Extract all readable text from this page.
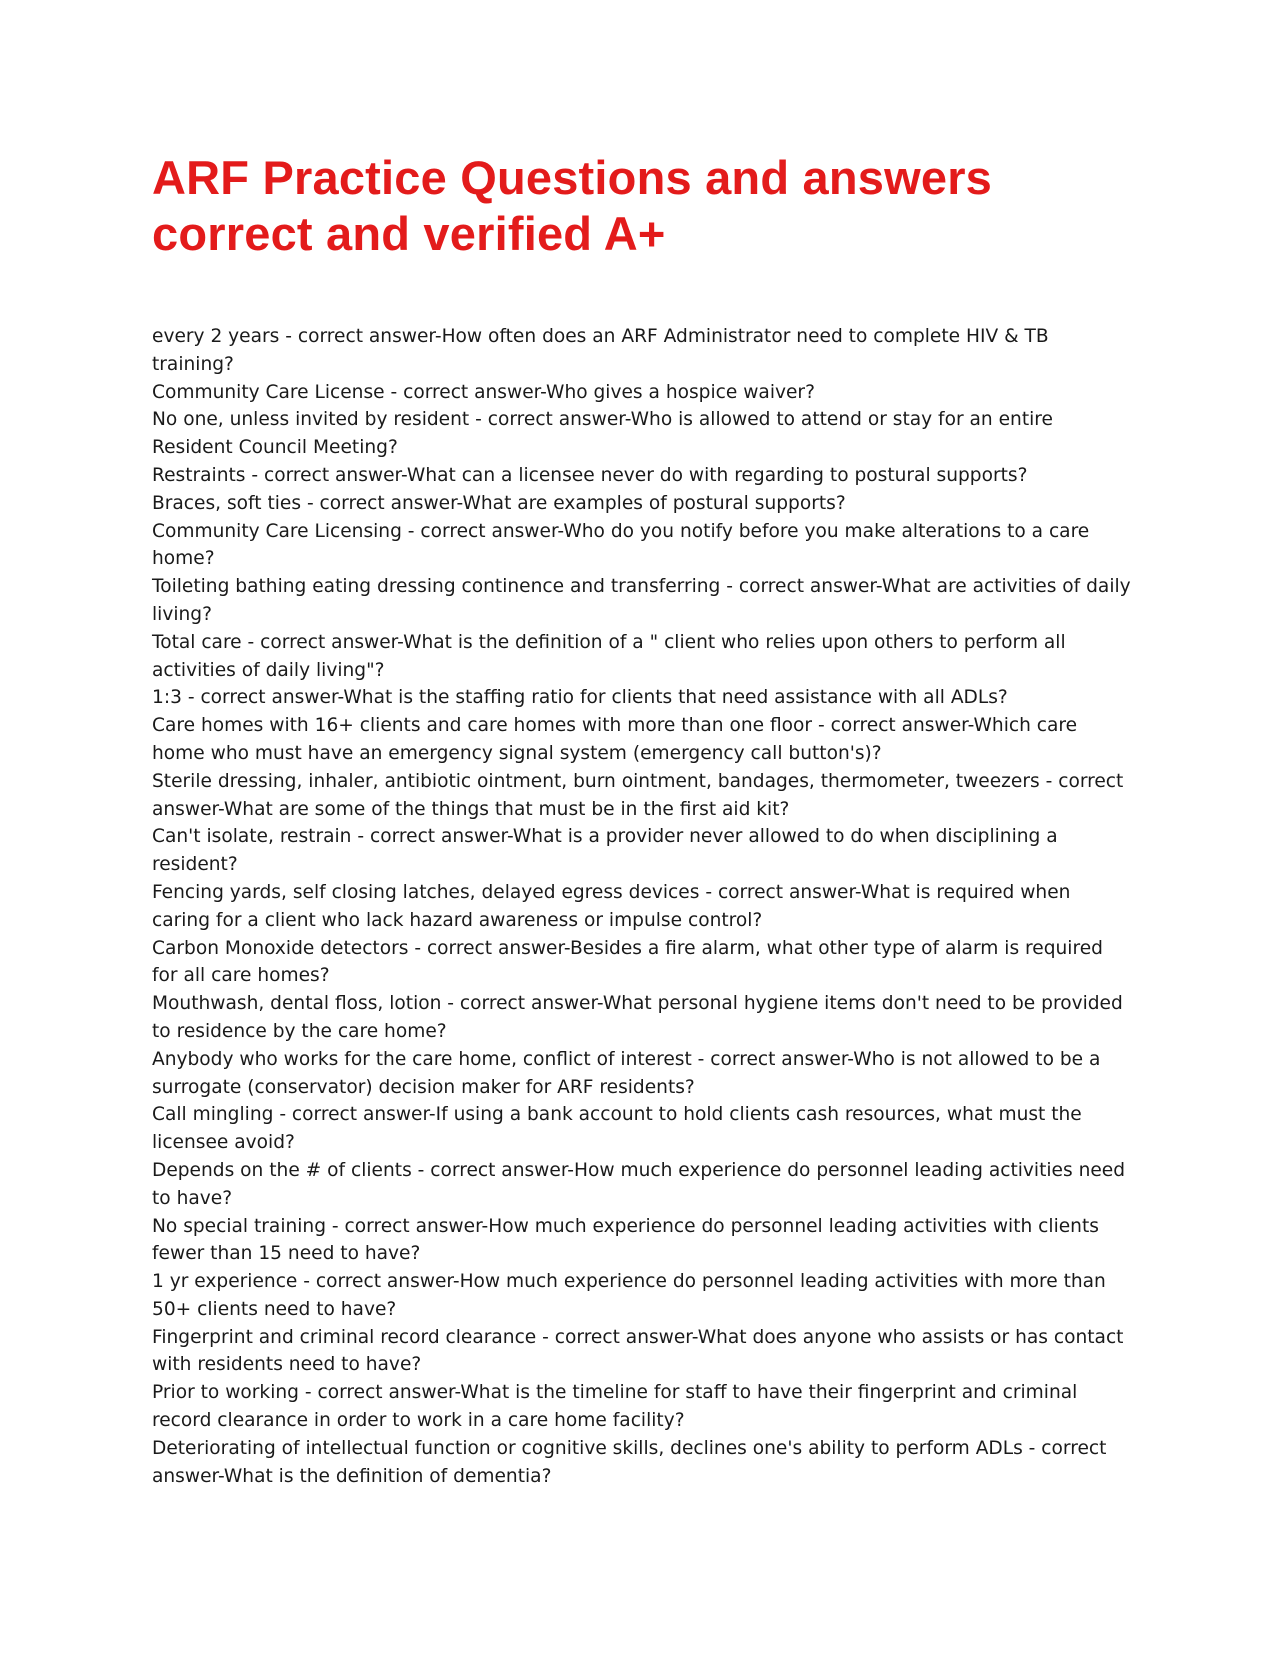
ARF Practice Questions and answers correct and verified A+
every 2 years - correct answer-How often does an ARF Administrator need to complete HIV & TB training?
Community Care License - correct answer-Who gives a hospice waiver?
No one, unless invited by resident - correct answer-Who is allowed to attend or stay for an entire Resident Council Meeting?
Restraints - correct answer-What can a licensee never do with regarding to postural supports?
Braces, soft ties - correct answer-What are examples of postural supports?
Community Care Licensing - correct answer-Who do you notify before you make alterations to a care home?
Toileting bathing eating dressing continence and transferring - correct answer-What are activities of daily living?
Total care - correct answer-What is the definition of a " client who relies upon others to perform all activities of daily living"?
1:3 - correct answer-What is the staffing ratio for clients that need assistance with all ADLs?
Care homes with 16+ clients and care homes with more than one floor - correct answer-Which care home who must have an emergency signal system (emergency call button's)?
Sterile dressing, inhaler, antibiotic ointment, burn ointment, bandages, thermometer, tweezers - correct answer-What are some of the things that must be in the first aid kit?
Can't isolate, restrain - correct answer-What is a provider never allowed to do when disciplining a resident?
Fencing yards, self closing latches, delayed egress devices - correct answer-What is required when caring for a client who lack hazard awareness or impulse control?
Carbon Monoxide detectors - correct answer-Besides a fire alarm, what other type of alarm is required for all care homes?
Mouthwash, dental floss, lotion - correct answer-What personal hygiene items don't need to be provided to residence by the care home?
Anybody who works for the care home, conflict of interest - correct answer-Who is not allowed to be a surrogate (conservator) decision maker for ARF residents?
Call mingling - correct answer-If using a bank account to hold clients cash resources, what must the licensee avoid?
Depends on the # of clients - correct answer-How much experience do personnel leading activities need to have?
No special training - correct answer-How much experience do personnel leading activities with clients fewer than 15 need to have?
1 yr experience - correct answer-How much experience do personnel leading activities with more than 50+ clients need to have?
Fingerprint and criminal record clearance - correct answer-What does anyone who assists or has contact with residents need to have?
Prior to working - correct answer-What is the timeline for staff to have their fingerprint and criminal record clearance in order to work in a care home facility?
Deteriorating of intellectual function or cognitive skills, declines one's ability to perform ADLs - correct answer-What is the definition of dementia?
